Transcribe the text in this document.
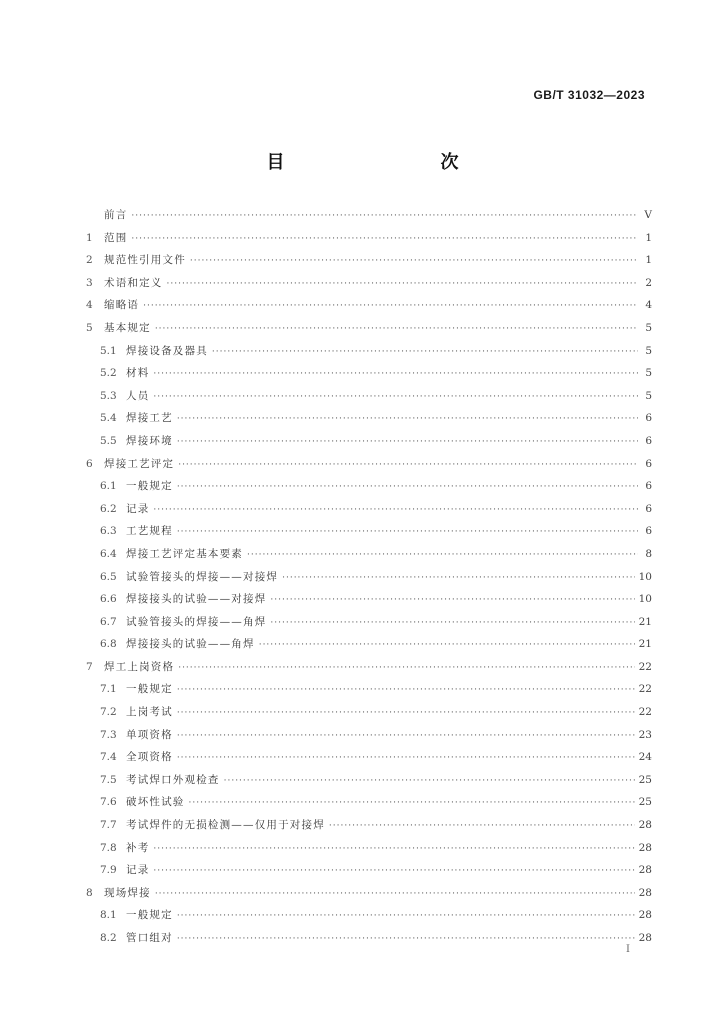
GB/T 31032—2023
目　　次
前言 ·····	V
1	范围 ·····	1
2	规范性引用文件 ·····	1
3	术语和定义 ·····	2
4	缩略语 ·····	4
5	基本规定 ·····	5
5.1 焊接设备及器具 ·····	5
5.2 材料 ·····	5
5.3 人员 ·····	5
5.4 焊接工艺 ·····	6
5.5 焊接环境 ·····	6
6	焊接工艺评定 ·····	6
6.1 一般规定 ·····	6
6.2 记录 ·····	6
6.3 工艺规程 ·····	6
6.4 焊接工艺评定基本要素 ·····	8
6.5 试验管接头的焊接——对接焊 ·····	10
6.6 焊接接头的试验——对接焊 ·····	10
6.7 试验管接头的焊接——角焊 ·····	21
6.8 焊接接头的试验——角焊 ·····	21
7	焊工上岗资格 ·····	22
7.1 一般规定 ·····	22
7.2 上岗考试 ·····	22
7.3 单项资格 ·····	23
7.4 全项资格 ·····	24
7.5 考试焊口外观检查 ·····	25
7.6 破坏性试验 ·····	25
7.7 考试焊件的无损检测——仅用于对接焊 ·····	28
7.8 补考 ·····	28
7.9 记录 ·····	28
8	现场焊接 ·····	28
8.1 一般规定 ·····	28
8.2 管口组对 ·····	28
I
